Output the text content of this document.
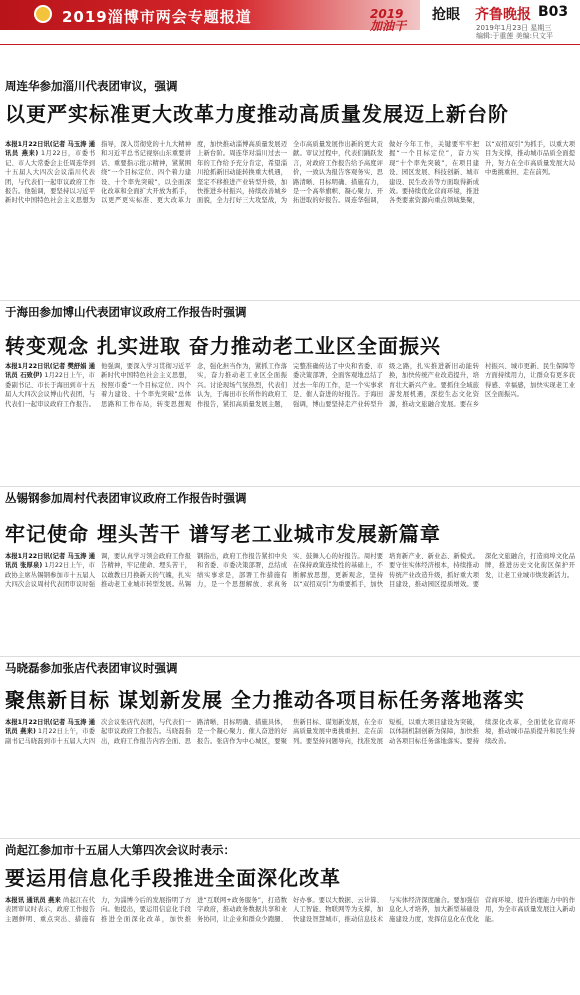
2019淄博市两会专题报道	2019
加油干
抢眼 齐鲁晚报 B03
2019年1月23日 星期三
编辑:于重莲 美编:只文平
周连华参加淄川代表团审议，强调
以更严实标准更大改革力度推动高质量发展迈上新台阶
本报1月22日讯(记者 马玉涛 通讯员 燕来) 1月22日，市委书记、市人大常委会主任周连华到十五届人大四次会议淄川代表团，与代表们一起审议政府工作报告。他强调，要坚持以习近平新时代中国特色社会主义思想为指导，深入贯彻党的十九大精神和习近平总书记视察山东重要讲话、重要指示批示精神，紧紧围绕“一个目标定位、四个着力建设、十个率先突破”，以全面深化改革和全面扩大开放为抓手，以更严更实标准、更大改革力度，加快推动淄博高质量发展迈上新台阶。周连华对淄川过去一年的工作给予充分肯定，希望淄川抢抓新旧动能转换重大机遇，坚定不移推进产业转型升级，加快推进乡村振兴，持续改善城乡面貌，全力打好三大攻坚战，为全市高质量发展作出新的更大贡献。审议过程中，代表们踊跃发言，对政府工作报告给予高度评价，一致认为报告客观务实、思路清晰、目标明确、措施有力，是一个高举旗帜、凝心聚力、开拓进取的好报告。周连华强调，做好今年工作，关键要牢牢把握“一个目标定位”，奋力实现“十个率先突破”，在项目建设、园区发展、科技创新、城市建设、民生改善等方面取得新成效。要持续优化营商环境，推进各类要素资源向重点领域集聚，以“双招双引”为抓手，以重大项目为支撑，推动城市品质全面提升，努力在全市高质量发展大局中勇挑重担、走在前列。
于海田参加博山代表团审议政府工作报告时强调
转变观念 扎实进取 奋力推动老工业区全面振兴
本报1月22日讯(记者 樊舒娟 通讯员 石致伊) 1月22日上午，市委副书记、市长于海田到市十五届人大四次会议博山代表团，与代表们一起审议政府工作报告。他强调，要深入学习贯彻习近平新时代中国特色社会主义思想，按照市委“一个目标定位、四个着力建设、十个率先突破”总体思路和工作布局，转变思想观念，强化担当作为，紧抓工作落实，奋力推动老工业区全面振兴。讨论现场气氛热烈，代表们认为，于海田市长所作的政府工作报告，紧扣高质量发展主题，完整准确传达了中央和省委、市委决策部署，全面客观地总结了过去一年的工作，是一个实事求是、催人奋进的好报告。于海田强调，博山要坚持走产业转型升级之路，扎实推进新旧动能转换，加快传统产业改造提升，培育壮大新兴产业。要抓住全域旅游发展机遇，深挖生态文化资源，推动文旅融合发展。要在乡村振兴、城市更新、民生保障等方面持续用力，让群众有更多获得感、幸福感，加快实现老工业区全面振兴。
丛锡钢参加周村代表团审议政府工作报告时强调
牢记使命 埋头苦干 谱写老工业城市发展新篇章
本报1月22日讯(记者 马玉涛 通讯员 张厚泉) 1月22日上午，市政协主席丛锡钢参加市十五届人大四次会议周村代表团审议时强调，要认真学习领会政府工作报告精神，牢记使命、埋头苦干，以敢教日月换新天的气魄，扎实推动老工业城市转型发展。丛锡钢指出，政府工作报告紧扣中央和省委、市委决策部署，总结成绩实事求是，部署工作措施有力，是一个思想解放、求真务实、鼓舞人心的好报告。周村要在保持政策连续性的基础上，不断解放思想，更新观念，坚持以“双招双引”为重要抓手，加快培育新产业、新业态、新模式。要守住实体经济根本，持续推动传统产业改造升级，抓好重大项目建设，推动园区提质增效。要深化文旅融合，打造商埠文化品牌，推进历史文化街区保护开发，让老工业城市焕发新活力。
马晓磊参加张店代表团审议时强调
聚焦新目标 谋划新发展 全力推动各项目标任务落地落实
本报1月22日讯(记者 马玉涛 通讯员 燕来) 1月22日上午，市委副书记马晓磊到市十五届人大四次会议张店代表团，与代表们一起审议政府工作报告。马晓磊指出，政府工作报告内容全面、思路清晰、目标明确、措施具体，是一个凝心聚力、催人奋进的好报告。张店作为中心城区，要聚焦新目标、谋划新发展，在全市高质量发展中勇挑重担、走在前列。要坚持问题导向，找准发展短板，以重大项目建设为突破，以体制机制创新为保障，加快推动各项目标任务落地落实。要持续深化改革，全面优化营商环境，推动城市品质提升和民生持续改善。
尚起江参加市十五届人大第四次会议时表示：
要运用信息化手段推进全面深化改革
本报讯 通讯员 燕来 尚起江在代表团审议时表示，政府工作报告主题鲜明、重点突出、措施有力，为淄博今后的发展指明了方向。他提出，要运用信息化手段推进全面深化改革，加快推进“互联网+政务服务”，打造数字政府，推动政务数据共享和业务协同，让企业和群众少跑腿、好办事。要以大数据、云计算、人工智能、物联网等为支撑，加快建设智慧城市，推动信息技术与实体经济深度融合。要加强信息化人才培养，加大新型基础设施建设力度，发挥信息化在优化营商环境、提升治理能力中的作用，为全市高质量发展注入新动能。
